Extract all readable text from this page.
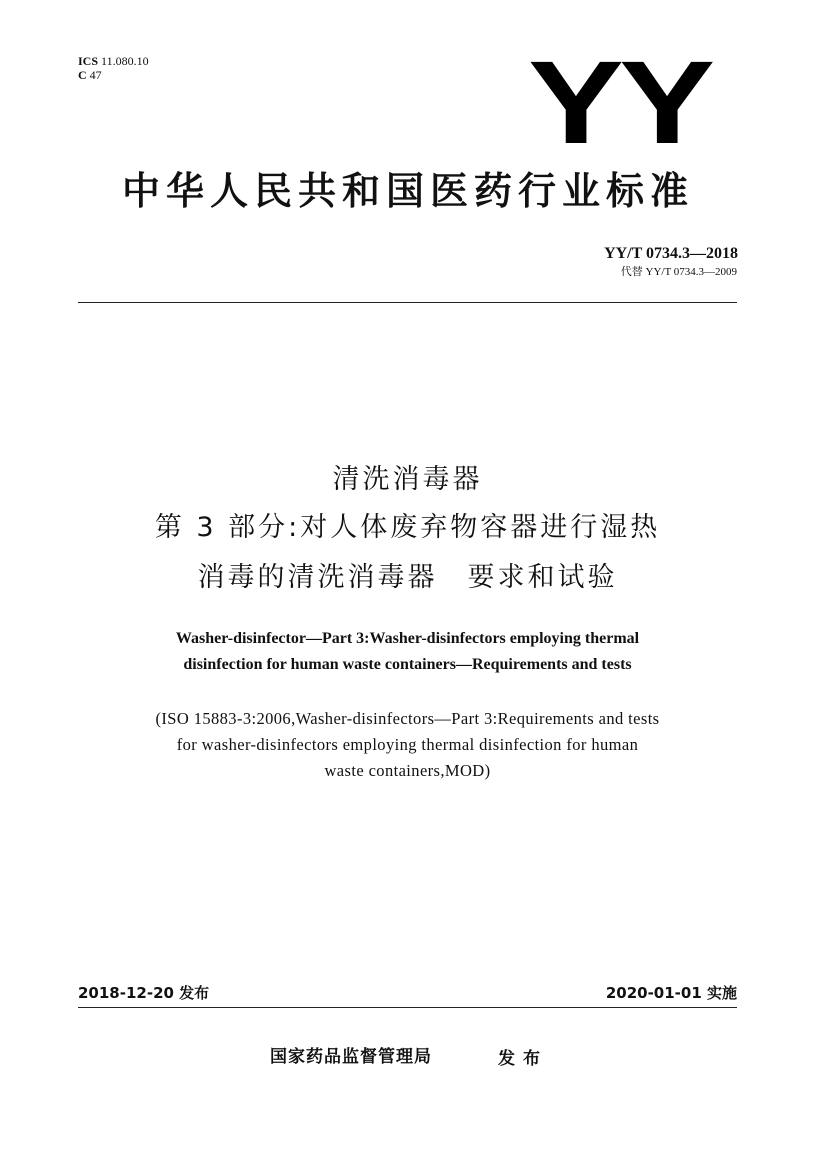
ICS 11.080.10
C 47	YY
中华人民共和国医药行业标准
YY/T 0734.3—2018
代替 YY/T 0734.3—2009
清洗消毒器
第 3 部分:对人体废弃物容器进行湿热
消毒的清洗消毒器　要求和试验
Washer-disinfector—Part 3:Washer-disinfectors employing thermal
disinfection for human waste containers—Requirements and tests
(ISO 15883-3:2006,Washer-disinfectors—Part 3:Requirements and tests
for washer-disinfectors employing thermal disinfection for human
waste containers,MOD)
2018-12-20 发布	2020-01-01 实施
国家药品监督管理局	发布
